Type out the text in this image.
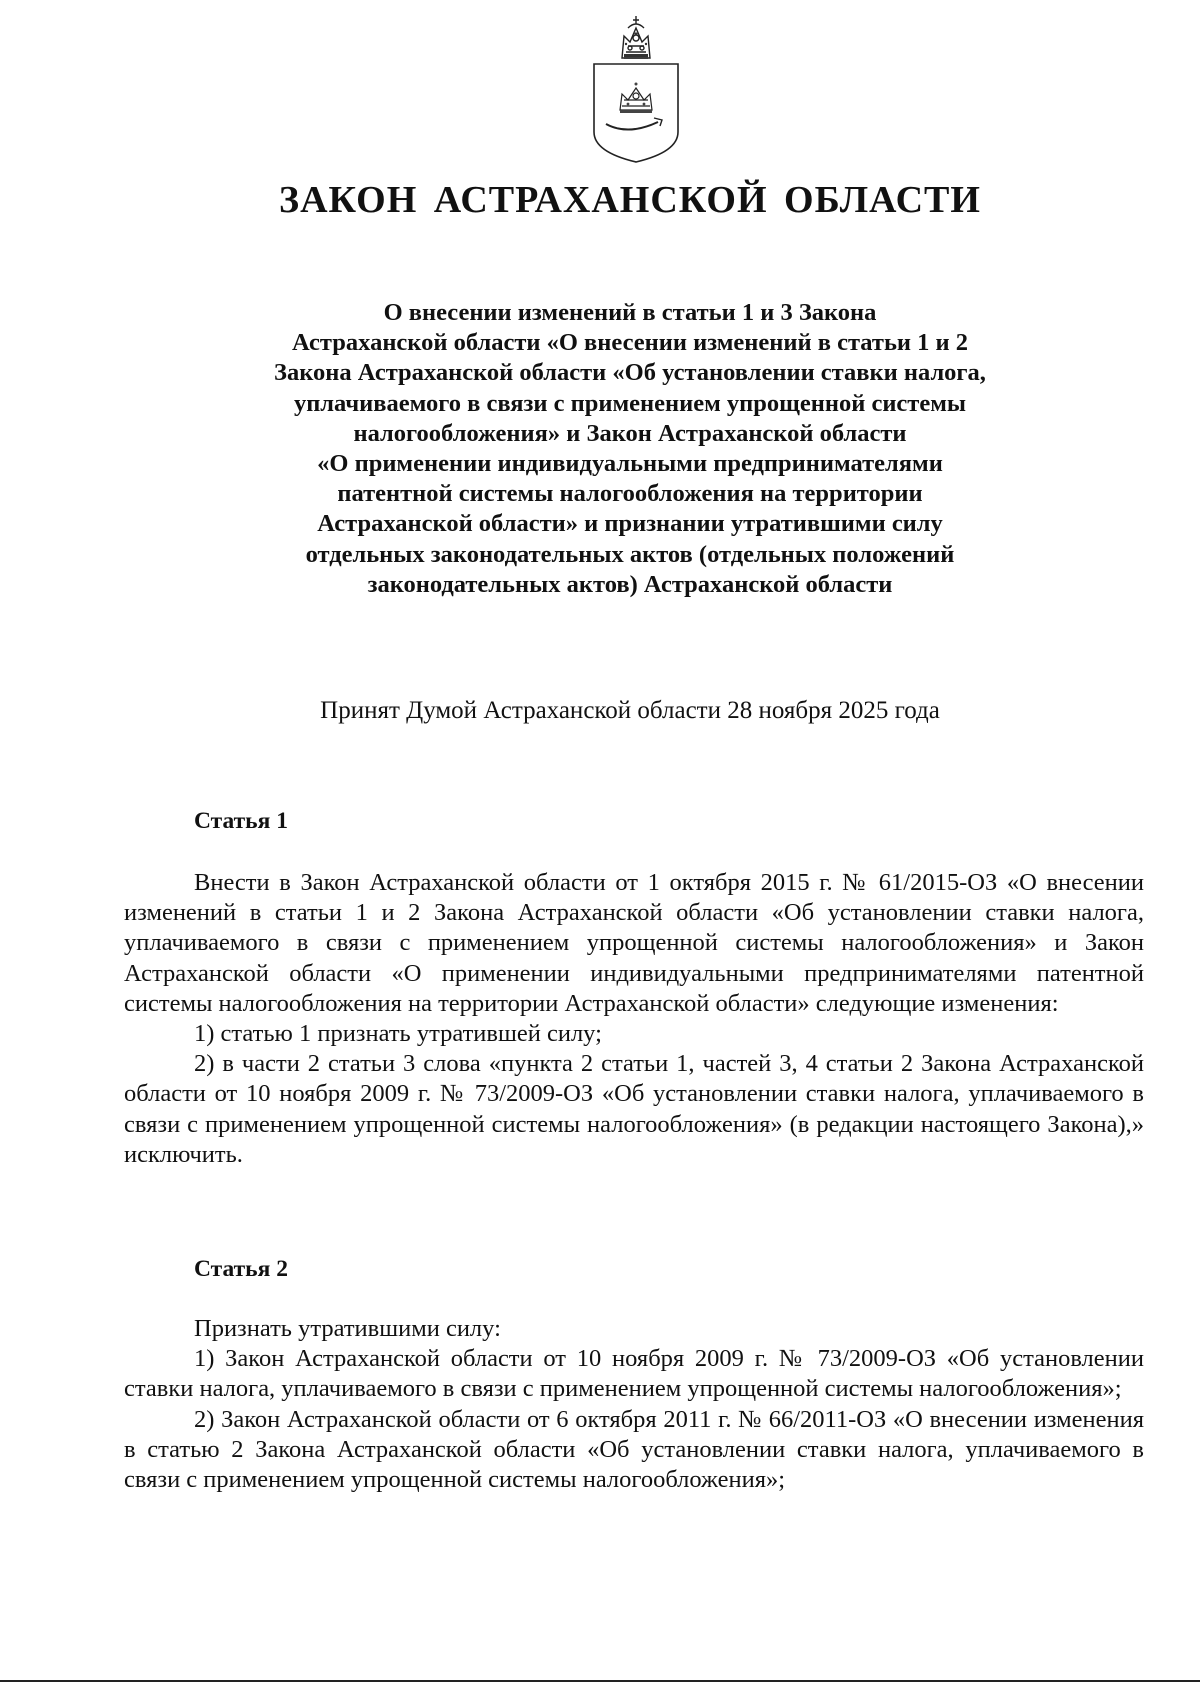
ЗАКОН АСТРАХАНСКОЙ ОБЛАСТИ
О внесении изменений в статьи 1 и 3 Закона
Астраханской области «О внесении изменений в статьи 1 и 2
Закона Астраханской области «Об установлении ставки налога,
уплачиваемого в связи с применением упрощенной системы
налогообложения» и Закон Астраханской области
«О применении индивидуальными предпринимателями
патентной системы налогообложения на территории
Астраханской области» и признании утратившими силу
отдельных законодательных актов (отдельных положений
законодательных актов) Астраханской области
Принят Думой Астраханской области 28 ноября 2025 года
Статья 1

Внести в Закон Астраханской области от 1 октября 2015 г. № 61/2015-ОЗ «О внесении изменений в статьи 1 и 2 Закона Астраханской области «Об установлении ставки налога, уплачиваемого в связи с применением упрощенной системы налогообложения» и Закон Астраханской области «О применении индивидуальными предпринимателями патентной системы налогообложения на территории Астраханской области» следующие изменения:

1) статью 1 признать утратившей силу;

2) в части 2 статьи 3 слова «пункта 2 статьи 1, частей 3, 4 статьи 2 Закона Астраханской области от 10 ноября 2009 г. № 73/2009-ОЗ «Об установлении ставки налога, уплачиваемого в связи с применением упрощенной системы налогообложения» (в редакции настоящего Закона),» исключить.

Статья 2

Признать утратившими силу:

1) Закон Астраханской области от 10 ноября 2009 г. № 73/2009-ОЗ «Об установлении ставки налога, уплачиваемого в связи с применением упрощенной системы налогообложения»;

2) Закон Астраханской области от 6 октября 2011 г. № 66/2011-ОЗ «О внесении изменения в статью 2 Закона Астраханской области «Об установлении ставки налога, уплачиваемого в связи с применением упрощенной системы налогообложения»;
